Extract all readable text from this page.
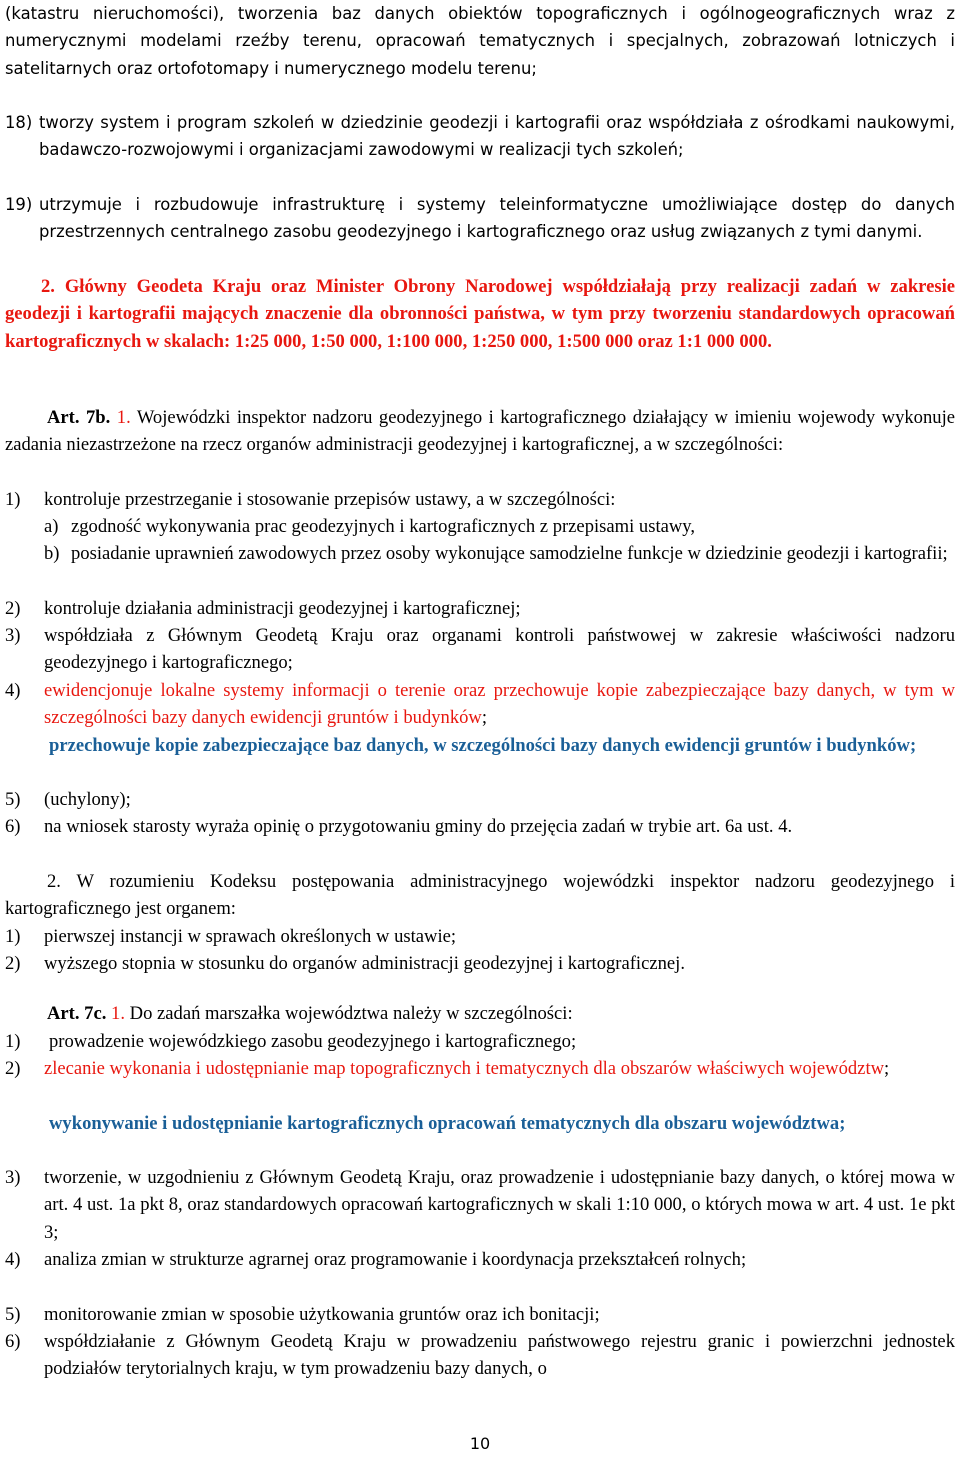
(katastru nieruchomości), tworzenia baz danych obiektów topograficznych i ogólnogeograficznych wraz z numerycznymi modelami rzeźby terenu, opracowań tematycznych i specjalnych, zobrazowań lotniczych i satelitarnych oraz ortofotomapy i numerycznego modelu terenu;
18) tworzy system i program szkoleń w dziedzinie geodezji i kartografii oraz współdziała z ośrodkami naukowymi, badawczo-rozwojowymi i organizacjami zawodowymi w realizacji tych szkoleń;
19) utrzymuje i rozbudowuje infrastrukturę i systemy teleinformatyczne umożliwiające dostęp do danych przestrzennych centralnego zasobu geodezyjnego i kartograficznego oraz usług związanych z tymi danymi.
2. Główny Geodeta Kraju oraz Minister Obrony Narodowej współdziałają przy realizacji zadań w zakresie geodezji i kartografii mających znaczenie dla obronności państwa, w tym przy tworzeniu standardowych opracowań kartograficznych w skalach: 1:25 000, 1:50 000, 1:100 000, 1:250 000, 1:500 000 oraz 1:1 000 000.
Art. 7b. 1. Wojewódzki inspektor nadzoru geodezyjnego i kartograficznego działający w imieniu wojewody wykonuje zadania niezastrzeżone na rzecz organów administracji geodezyjnej i kartograficznej, a w szczególności:
1) kontroluje przestrzeganie i stosowanie przepisów ustawy, a w szczególności:
a) zgodność wykonywania prac geodezyjnych i kartograficznych z przepisami ustawy,
b) posiadanie uprawnień zawodowych przez osoby wykonujące samodzielne funkcje w dziedzinie geodezji i kartografii;
2) kontroluje działania administracji geodezyjnej i kartograficznej;
3) współdziała z Głównym Geodetą Kraju oraz organami kontroli państwowej w zakresie właściwości nadzoru geodezyjnego i kartograficznego;
4) ewidencjonuje lokalne systemy informacji o terenie oraz przechowuje kopie zabezpieczające bazy danych, w tym w szczególności bazy danych ewidencji gruntów i budynków;
przechowuje kopie zabezpieczające baz danych, w szczególności bazy danych ewidencji gruntów i budynków;
5) (uchylony);
6) na wniosek starosty wyraża opinię o przygotowaniu gminy do przejęcia zadań w trybie art. 6a ust. 4.
2. W rozumieniu Kodeksu postępowania administracyjnego wojewódzki inspektor nadzoru geodezyjnego i kartograficznego jest organem:
1) pierwszej instancji w sprawach określonych w ustawie;
2) wyższego stopnia w stosunku do organów administracji geodezyjnej i kartograficznej.
Art. 7c. 1. Do zadań marszałka województwa należy w szczególności:
1) prowadzenie wojewódzkiego zasobu geodezyjnego i kartograficznego;
2) zlecanie wykonania i udostępnianie map topograficznych i tematycznych dla obszarów właściwych województw;
wykonywanie i udostępnianie kartograficznych opracowań tematycznych dla obszaru województwa;
3) tworzenie, w uzgodnieniu z Głównym Geodetą Kraju, oraz prowadzenie i udostępnianie bazy danych, o której mowa w art. 4 ust. 1a pkt 8, oraz standardowych opracowań kartograficznych w skali 1:10 000, o których mowa w art. 4 ust. 1e pkt 3;
4) analiza zmian w strukturze agrarnej oraz programowanie i koordynacja przekształceń rolnych;
5) monitorowanie zmian w sposobie użytkowania gruntów oraz ich bonitacji;
6) współdziałanie z Głównym Geodetą Kraju w prowadzeniu państwowego rejestru granic i powierzchni jednostek podziałów terytorialnych kraju, w tym prowadzeniu bazy danych, o
10
